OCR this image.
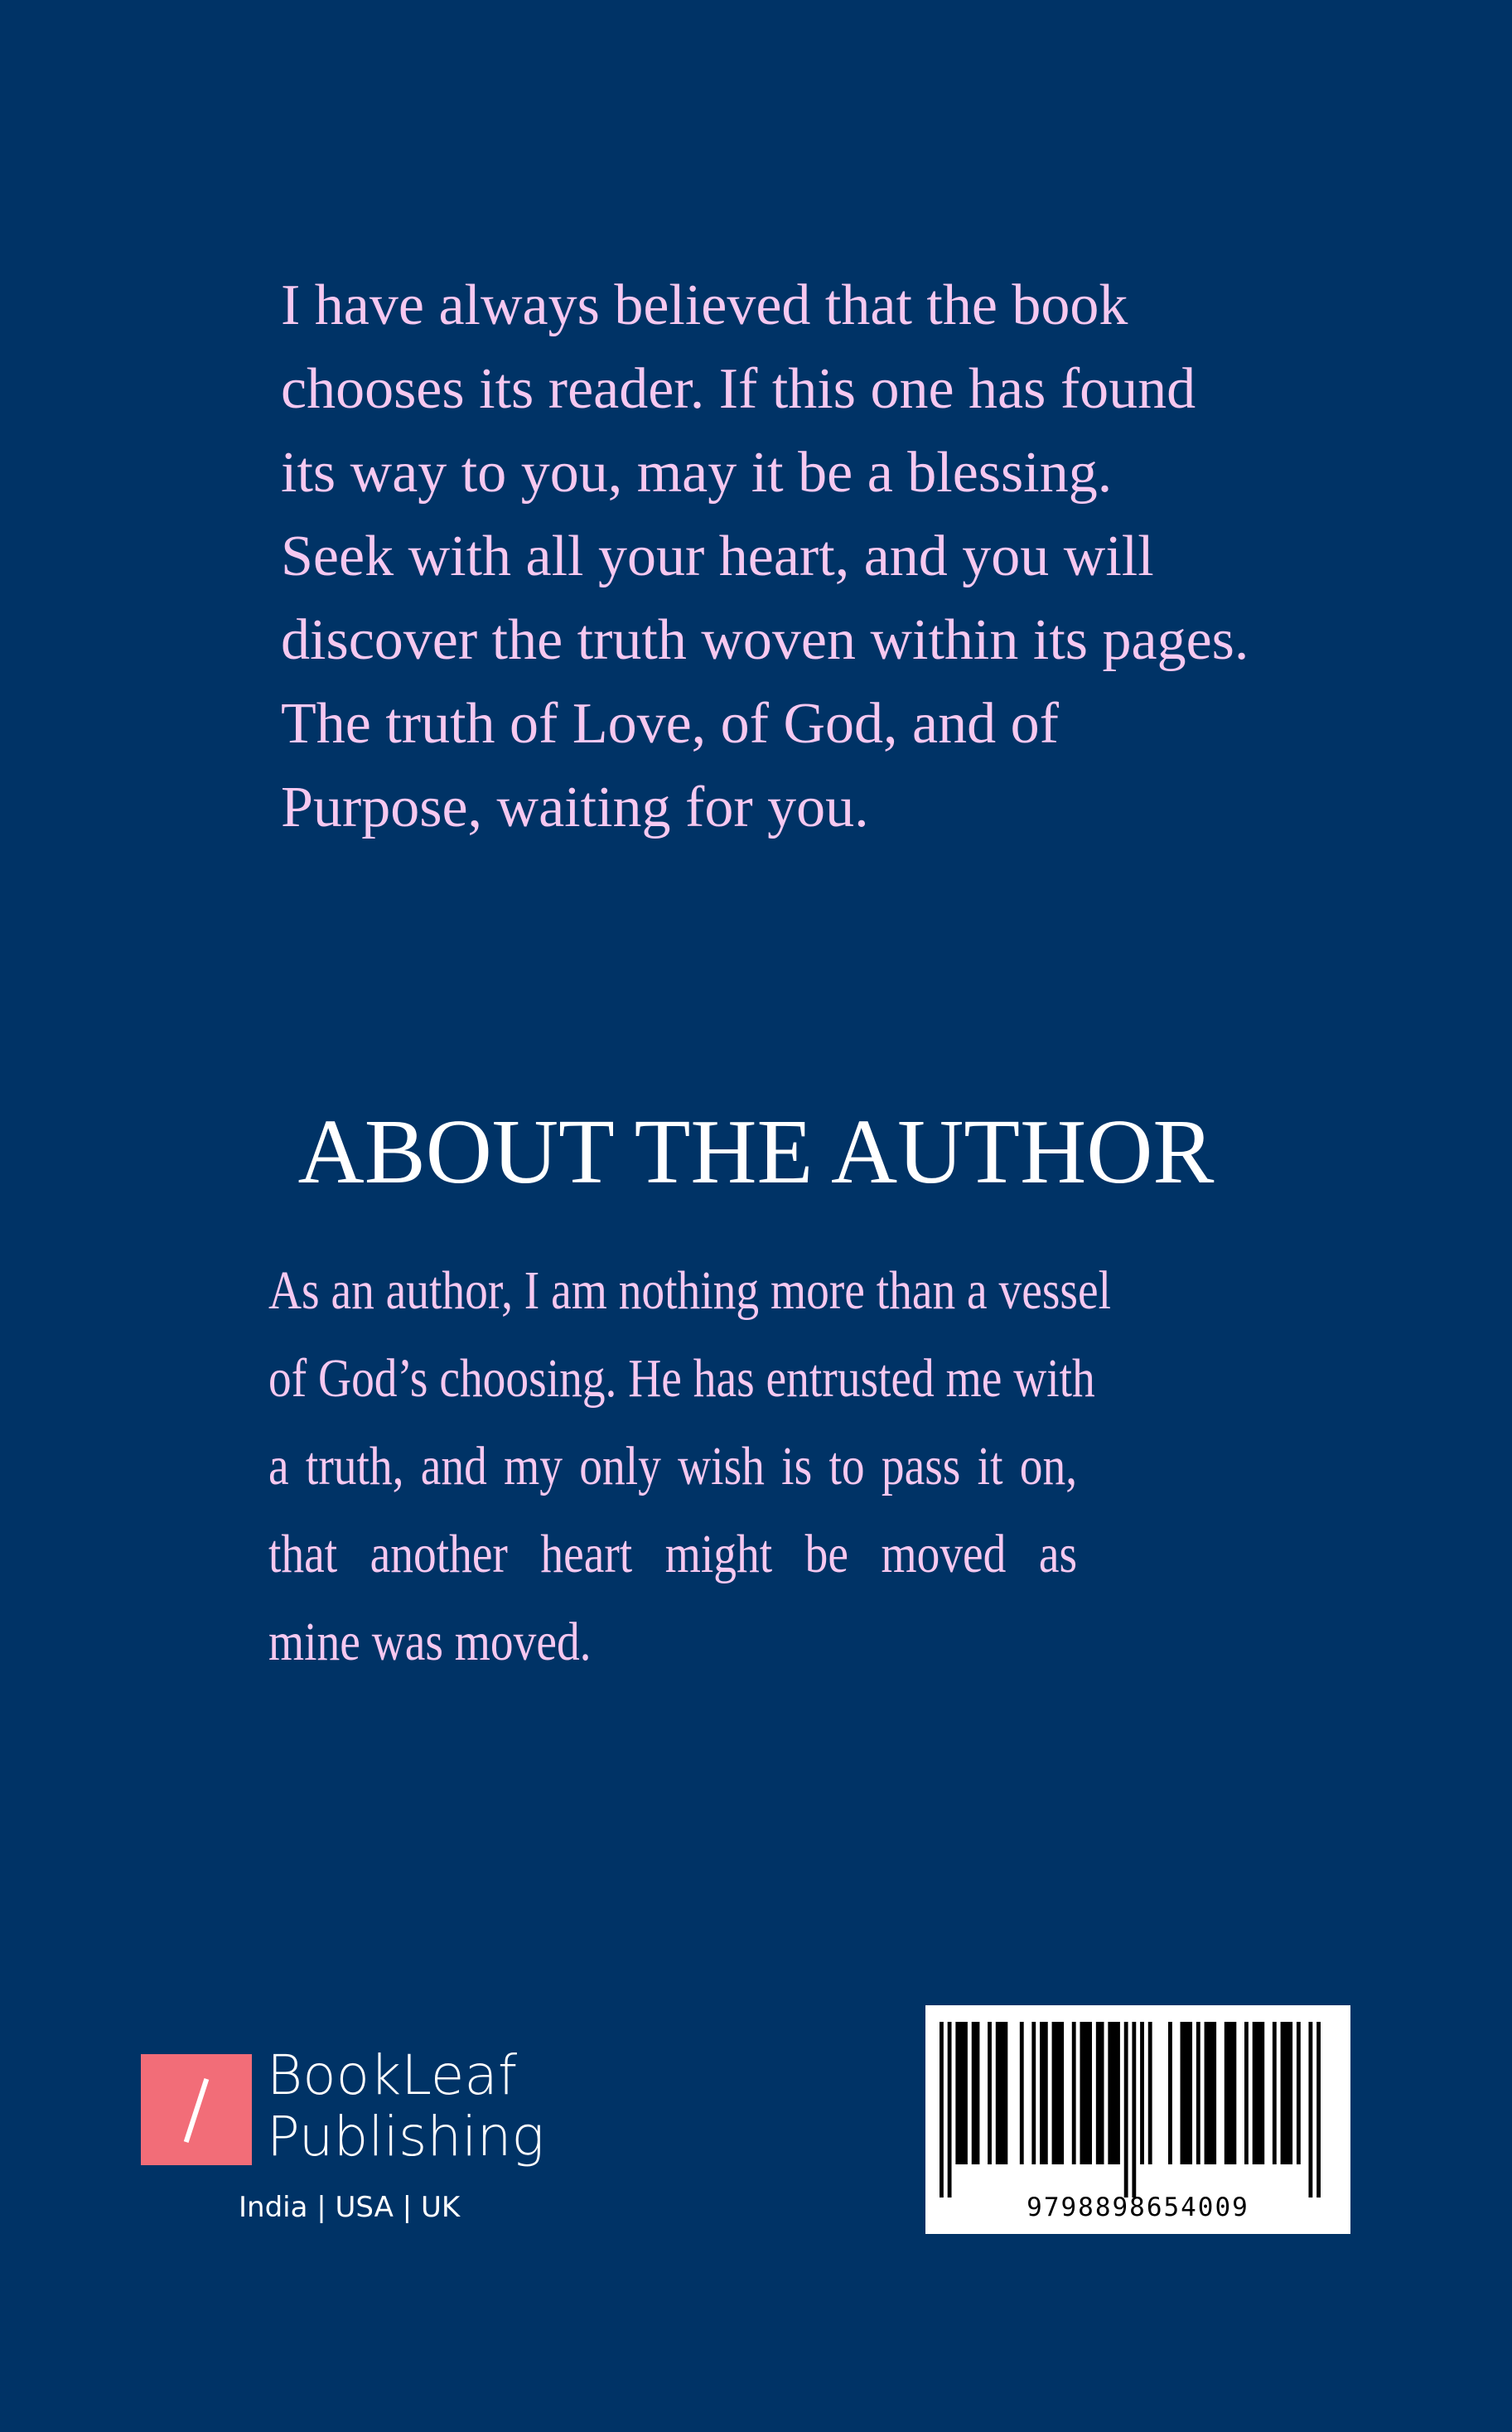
I have always believed that the book
chooses its reader. If this one has found
its way to you, may it be a blessing.
Seek with all your heart, and you will
discover the truth woven within its pages.
The truth of Love, of God, and of
Purpose, waiting for you.
ABOUT THE AUTHOR
As an author, I am nothing more than a vessel
of God’s choosing. He has entrusted me with
a truth, and my only wish is to pass it on,
that another heart might be moved as
mine was moved.
BookLeaf
Publishing

India | USA | UK	9798898654009
